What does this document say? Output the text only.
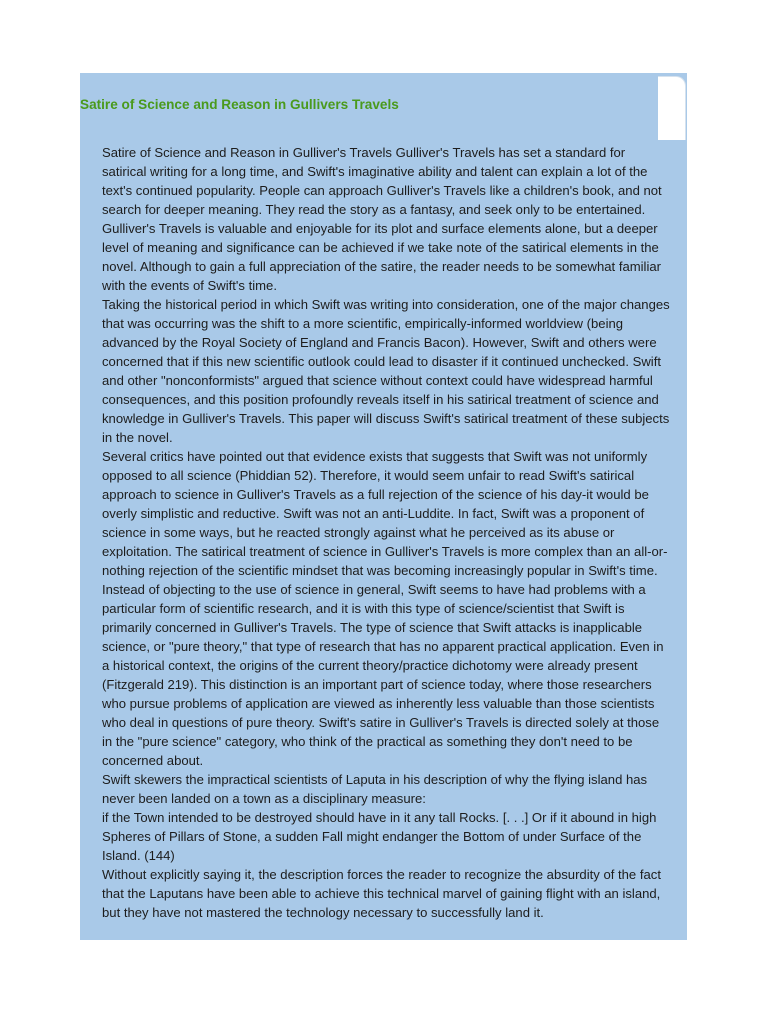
Satire of Science and Reason in Gullivers Travels

Satire of Science and Reason in Gulliver's Travels Gulliver's Travels has set a standard for satirical writing for a long time, and Swift's imaginative ability and talent can explain a lot of the text's continued popularity. People can approach Gulliver's Travels like a children's book, and not search for deeper meaning. They read the story as a fantasy, and seek only to be entertained. Gulliver's Travels is valuable and enjoyable for its plot and surface elements alone, but a deeper level of meaning and significance can be achieved if we take note of the satirical elements in the novel. Although to gain a full appreciation of the satire, the reader needs to be somewhat familiar with the events of Swift's time.

Taking the historical period in which Swift was writing into consideration, one of the major changes that was occurring was the shift to a more scientific, empirically-informed worldview (being advanced by the Royal Society of England and Francis Bacon). However, Swift and others were concerned that if this new scientific outlook could lead to disaster if it continued unchecked. Swift and other "nonconformists" argued that science without context could have widespread harmful consequences, and this position profoundly reveals itself in his satirical treatment of science and knowledge in Gulliver's Travels. This paper will discuss Swift's satirical treatment of these subjects in the novel.

Several critics have pointed out that evidence exists that suggests that Swift was not uniformly opposed to all science (Phiddian 52). Therefore, it would seem unfair to read Swift's satirical approach to science in Gulliver's Travels as a full rejection of the science of his day-it would be overly simplistic and reductive. Swift was not an anti-Luddite. In fact, Swift was a proponent of science in some ways, but he reacted strongly against what he perceived as its abuse or exploitation. The satirical treatment of science in Gulliver's Travels is more complex than an all-or-nothing rejection of the scientific mindset that was becoming increasingly popular in Swift's time.

Instead of objecting to the use of science in general, Swift seems to have had problems with a particular form of scientific research, and it is with this type of science/scientist that Swift is primarily concerned in Gulliver's Travels. The type of science that Swift attacks is inapplicable science, or "pure theory," that type of research that has no apparent practical application. Even in a historical context, the origins of the current theory/practice dichotomy were already present (Fitzgerald 219). This distinction is an important part of science today, where those researchers who pursue problems of application are viewed as inherently less valuable than those scientists who deal in questions of pure theory. Swift's satire in Gulliver's Travels is directed solely at those in the "pure science" category, who think of the practical as something they don't need to be concerned about.

Swift skewers the impractical scientists of Laputa in his description of why the flying island has never been landed on a town as a disciplinary measure:

if the Town intended to be destroyed should have in it any tall Rocks. [. . .] Or if it abound in high Spheres of Pillars of Stone, a sudden Fall might endanger the Bottom of under Surface of the Island. (144)

Without explicitly saying it, the description forces the reader to recognize the absurdity of the fact that the Laputans have been able to achieve this technical marvel of gaining flight with an island, but they have not mastered the technology necessary to successfully land it.
